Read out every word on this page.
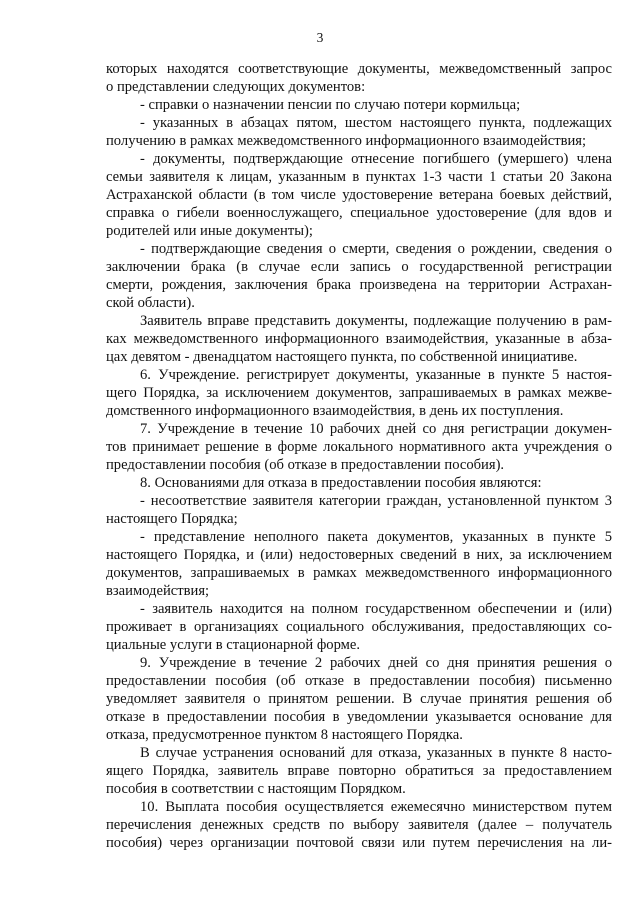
3
которых находятся соответствующие документы, межведомственный запрос
о представлении следующих документов:
- справки о назначении пенсии по случаю потери кормильца;
- указанных в абзацах пятом, шестом настоящего пункта, подлежащих
получению в рамках межведомственного информационного взаимодействия;
- документы, подтверждающие отнесение погибшего (умершего) члена
семьи заявителя к лицам, указанным в пунктах 1-3 части 1 статьи 20 Закона
Астраханской области (в том числе удостоверение ветерана боевых действий,
справка о гибели военнослужащего, специальное удостоверение (для вдов и
родителей или иные документы);
- подтверждающие сведения о смерти, сведения о рождении, сведения о
заключении брака (в случае если запись о государственной регистрации
смерти, рождения, заключения брака произведена на территории Астрахан-
ской области).
Заявитель вправе представить документы, подлежащие получению в рам-
ках межведомственного информационного взаимодействия, указанные в абза-
цах девятом - двенадцатом настоящего пункта, по собственной инициативе.
6. Учреждение. регистрирует документы, указанные в пункте 5 настоя-
щего Порядка, за исключением документов, запрашиваемых в рамках межве-
домственного информационного взаимодействия, в день их поступления.
7. Учреждение в течение 10 рабочих дней со дня регистрации докумен-
тов принимает решение в форме локального нормативного акта учреждения о
предоставлении пособия (об отказе в предоставлении пособия).
8. Основаниями для отказа в предоставлении пособия являются:
- несоответствие заявителя категории граждан, установленной пунктом 3
настоящего Порядка;
- представление неполного пакета документов, указанных в пункте 5
настоящего Порядка, и (или) недостоверных сведений в них, за исключением
документов, запрашиваемых в рамках межведомственного информационного
взаимодействия;
- заявитель находится на полном государственном обеспечении и (или)
проживает в организациях социального обслуживания, предоставляющих со-
циальные услуги в стационарной форме.
9. Учреждение в течение 2 рабочих дней со дня принятия решения о
предоставлении пособия (об отказе в предоставлении пособия) письменно
уведомляет заявителя о принятом решении. В случае принятия решения об
отказе в предоставлении пособия в уведомлении указывается основание для
отказа, предусмотренное пунктом 8 настоящего Порядка.
В случае устранения оснований для отказа, указанных в пункте 8 насто-
ящего Порядка, заявитель вправе повторно обратиться за предоставлением
пособия в соответствии с настоящим Порядком.
10. Выплата пособия осуществляется ежемесячно министерством путем
перечисления денежных средств по выбору заявителя (далее – получатель
пособия) через организации почтовой связи или путем перечисления на ли-
